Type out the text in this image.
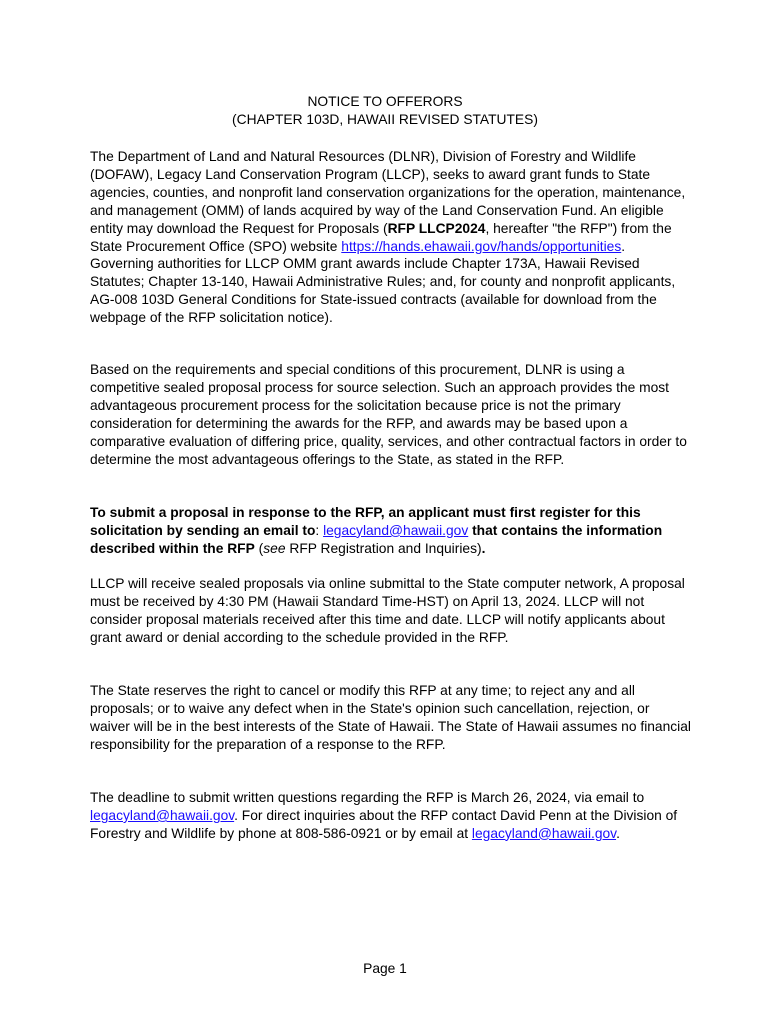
NOTICE TO OFFERORS
(CHAPTER 103D, HAWAII REVISED STATUTES)

The Department of Land and Natural Resources (DLNR), Division of Forestry and Wildlife (DOFAW), Legacy Land Conservation Program (LLCP), seeks to award grant funds to State agencies, counties, and nonprofit land conservation organizations for the operation, maintenance, and management (OMM) of lands acquired by way of the Land Conservation Fund. An eligible entity may download the Request for Proposals (RFP LLCP2024, hereafter "the RFP") from the State Procurement Office (SPO) website https://hands.ehawaii.gov/hands/opportunities. Governing authorities for LLCP OMM grant awards include Chapter 173A, Hawaii Revised Statutes; Chapter 13-140, Hawaii Administrative Rules; and, for county and nonprofit applicants, AG-008 103D General Conditions for State-issued contracts (available for download from the webpage of the RFP solicitation notice).

Based on the requirements and special conditions of this procurement, DLNR is using a competitive sealed proposal process for source selection. Such an approach provides the most advantageous procurement process for the solicitation because price is not the primary consideration for determining the awards for the RFP, and awards may be based upon a comparative evaluation of differing price, quality, services, and other contractual factors in order to determine the most advantageous offerings to the State, as stated in the RFP.

To submit a proposal in response to the RFP, an applicant must first register for this solicitation by sending an email to: legacyland@hawaii.gov that contains the information described within the RFP (see RFP Registration and Inquiries).

LLCP will receive sealed proposals via online submittal to the State computer network, A proposal must be received by 4:30 PM (Hawaii Standard Time-HST) on April 13, 2024. LLCP will not consider proposal materials received after this time and date. LLCP will notify applicants about grant award or denial according to the schedule provided in the RFP.

The State reserves the right to cancel or modify this RFP at any time; to reject any and all proposals; or to waive any defect when in the State's opinion such cancellation, rejection, or waiver will be in the best interests of the State of Hawaii. The State of Hawaii assumes no financial responsibility for the preparation of a response to the RFP.

The deadline to submit written questions regarding the RFP is March 26, 2024, via email to legacyland@hawaii.gov. For direct inquiries about the RFP contact David Penn at the Division of Forestry and Wildlife by phone at 808-586-0921 or by email at legacyland@hawaii.gov.

Page 1
